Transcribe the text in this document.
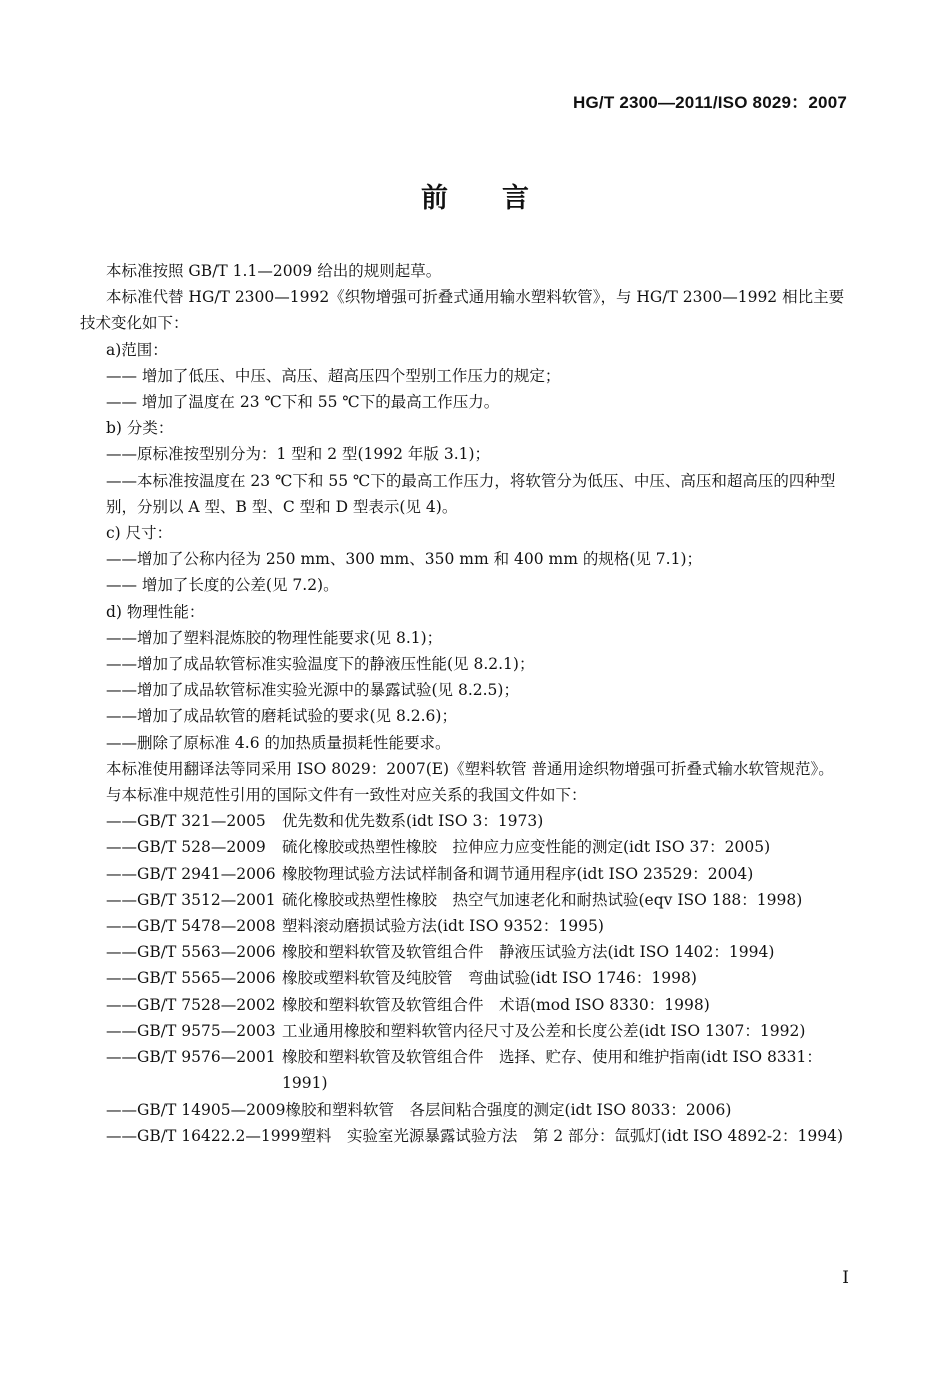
HG/T 2300—2011/ISO 8029：2007
前言

本标准按照 GB/T 1.1—2009 给出的规则起草。

本标准代替 HG/T 2300—1992《织物增强可折叠式通用输水塑料软管》，与 HG/T 2300—1992 相比主要技术变化如下：

a)范围：

—— 增加了低压、中压、高压、超高压四个型别工作压力的规定；

—— 增加了温度在 23 ℃下和 55 ℃下的最高工作压力。

b) 分类：

——原标准按型别分为：1 型和 2 型(1992 年版 3.1)；

——本标准按温度在 23 ℃下和 55 ℃下的最高工作压力，将软管分为低压、中压、高压和超高压的四种型别，分别以 A 型、B 型、C 型和 D 型表示(见 4)。

c) 尺寸：

——增加了公称内径为 250 mm、300 mm、350 mm 和 400 mm 的规格(见 7.1)；

—— 增加了长度的公差(见 7.2)。

d) 物理性能：

——增加了塑料混炼胶的物理性能要求(见 8.1)；

——增加了成品软管标准实验温度下的静液压性能(见 8.2.1)；

——增加了成品软管标准实验光源中的暴露试验(见 8.2.5)；

——增加了成品软管的磨耗试验的要求(见 8.2.6)；

——删除了原标准 4.6 的加热质量损耗性能要求。

本标准使用翻译法等同采用 ISO 8029：2007(E)《塑料软管 普通用途织物增强可折叠式输水软管规范》。

与本标准中规范性引用的国际文件有一致性对应关系的我国文件如下：

——GB/T 321—2005	优先数和优先数系(idt ISO 3：1973)
——GB/T 528—2009	硫化橡胶或热塑性橡胶　拉伸应力应变性能的测定(idt ISO 37：2005)
——GB/T 2941—2006 橡胶物理试验方法试样制备和调节通用程序(idt ISO 23529：2004)
——GB/T 3512—2001 硫化橡胶或热塑性橡胶　热空气加速老化和耐热试验(eqv ISO 188：1998)
——GB/T 5478—2008 塑料滚动磨损试验方法(idt ISO 9352：1995)
——GB/T 5563—2006 橡胶和塑料软管及软管组合件　静液压试验方法(idt ISO 1402：1994)
——GB/T 5565—2006 橡胶或塑料软管及纯胶管　弯曲试验(idt ISO 1746：1998)
——GB/T 7528—2002 橡胶和塑料软管及软管组合件　术语(mod ISO 8330：1998)
——GB/T 9575—2003 工业通用橡胶和塑料软管内径尺寸及公差和长度公差(idt ISO 1307：1992)
——GB/T 9576—2001 橡胶和塑料软管及软管组合件　选择、贮存、使用和维护指南(idt ISO 8331：1991)
——GB/T 14905—2009 橡胶和塑料软管　各层间粘合强度的测定(idt ISO 8033：2006)
——GB/T 16422.2—1999 塑料　实验室光源暴露试验方法　第 2 部分：氙弧灯(idt ISO 4892-2：1994)
Ⅰ
